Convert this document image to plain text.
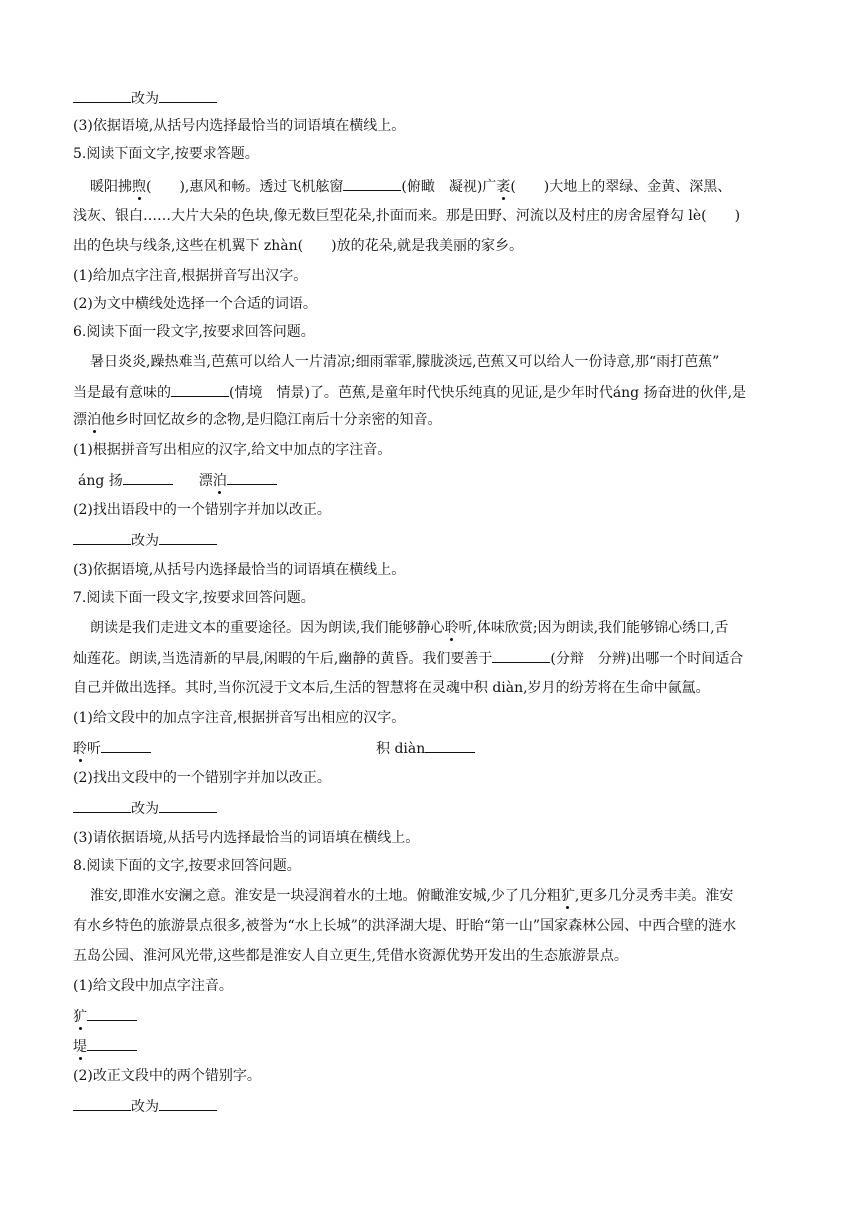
改为
(3)依据语境,从括号内选择最恰当的词语填在横线上。
5.阅读下面文字,按要求答题。
暖阳拂煦(　　),惠风和畅。透过飞机舷窗	(俯瞰　凝视)广袤(　　)大地上的翠绿、金黄、深黑、
浅灰、银白……大片大朵的色块,像无数巨型花朵,扑面而来。那是田野、河流以及村庄的房舍屋脊勾 lè(　　)
出的色块与线条,这些在机翼下 zhàn(　　)放的花朵,就是我美丽的家乡。
(1)给加点字注音,根据拼音写出汉字。
(2)为文中横线处选择一个合适的词语。
6.阅读下面一段文字,按要求回答问题。
暑日炎炎,躁热难当,芭蕉可以给人一片清凉;细雨霏霏,朦胧淡远,芭蕉又可以给人一份诗意,那“雨打芭蕉”
当是最有意味的	(情境　情景)了。芭蕉,是童年时代快乐纯真的见证,是少年时代áng 扬奋进的伙伴,是
漂泊他乡时回忆故乡的念物,是归隐江南后十分亲密的知音。
(1)根据拼音写出相应的汉字,给文中加点的字注音。
áng 扬	漂泊
(2)找出语段中的一个错别字并加以改正。
改为
(3)依据语境,从括号内选择最恰当的词语填在横线上。
7.阅读下面一段文字,按要求回答问题。
朗读是我们走进文本的重要途径。因为朗读,我们能够静心聆听,体味欣赏;因为朗读,我们能够锦心绣口,舌
灿莲花。朗读,当选清新的早晨,闲暇的午后,幽静的黄昏。我们要善于	(分辩　分辨)出哪一个时间适合
自己并做出选择。其时,当你沉浸于文本后,生活的智慧将在灵魂中积 diàn,岁月的纷芳将在生命中氤氲。
(1)给文段中的加点字注音,根据拼音写出相应的汉字。
聆听	积 diàn
(2)找出文段中的一个错别字并加以改正。
改为
(3)请依据语境,从括号内选择最恰当的词语填在横线上。
8.阅读下面的文字,按要求回答问题。
淮安,即淮水安澜之意。淮安是一块浸润着水的土地。俯瞰淮安城,少了几分粗犷,更多几分灵秀丰美。淮安
有水乡特色的旅游景点很多,被誉为“水上长城”的洪泽湖大堤、盱眙“第一山”国家森林公园、中西合壁的涟水
五岛公园、淮河风光带,这些都是淮安人自立更生,凭借水资源优势开发出的生态旅游景点。
(1)给文段中加点字注音。
犷
堤
(2)改正文段中的两个错别字。
改为
